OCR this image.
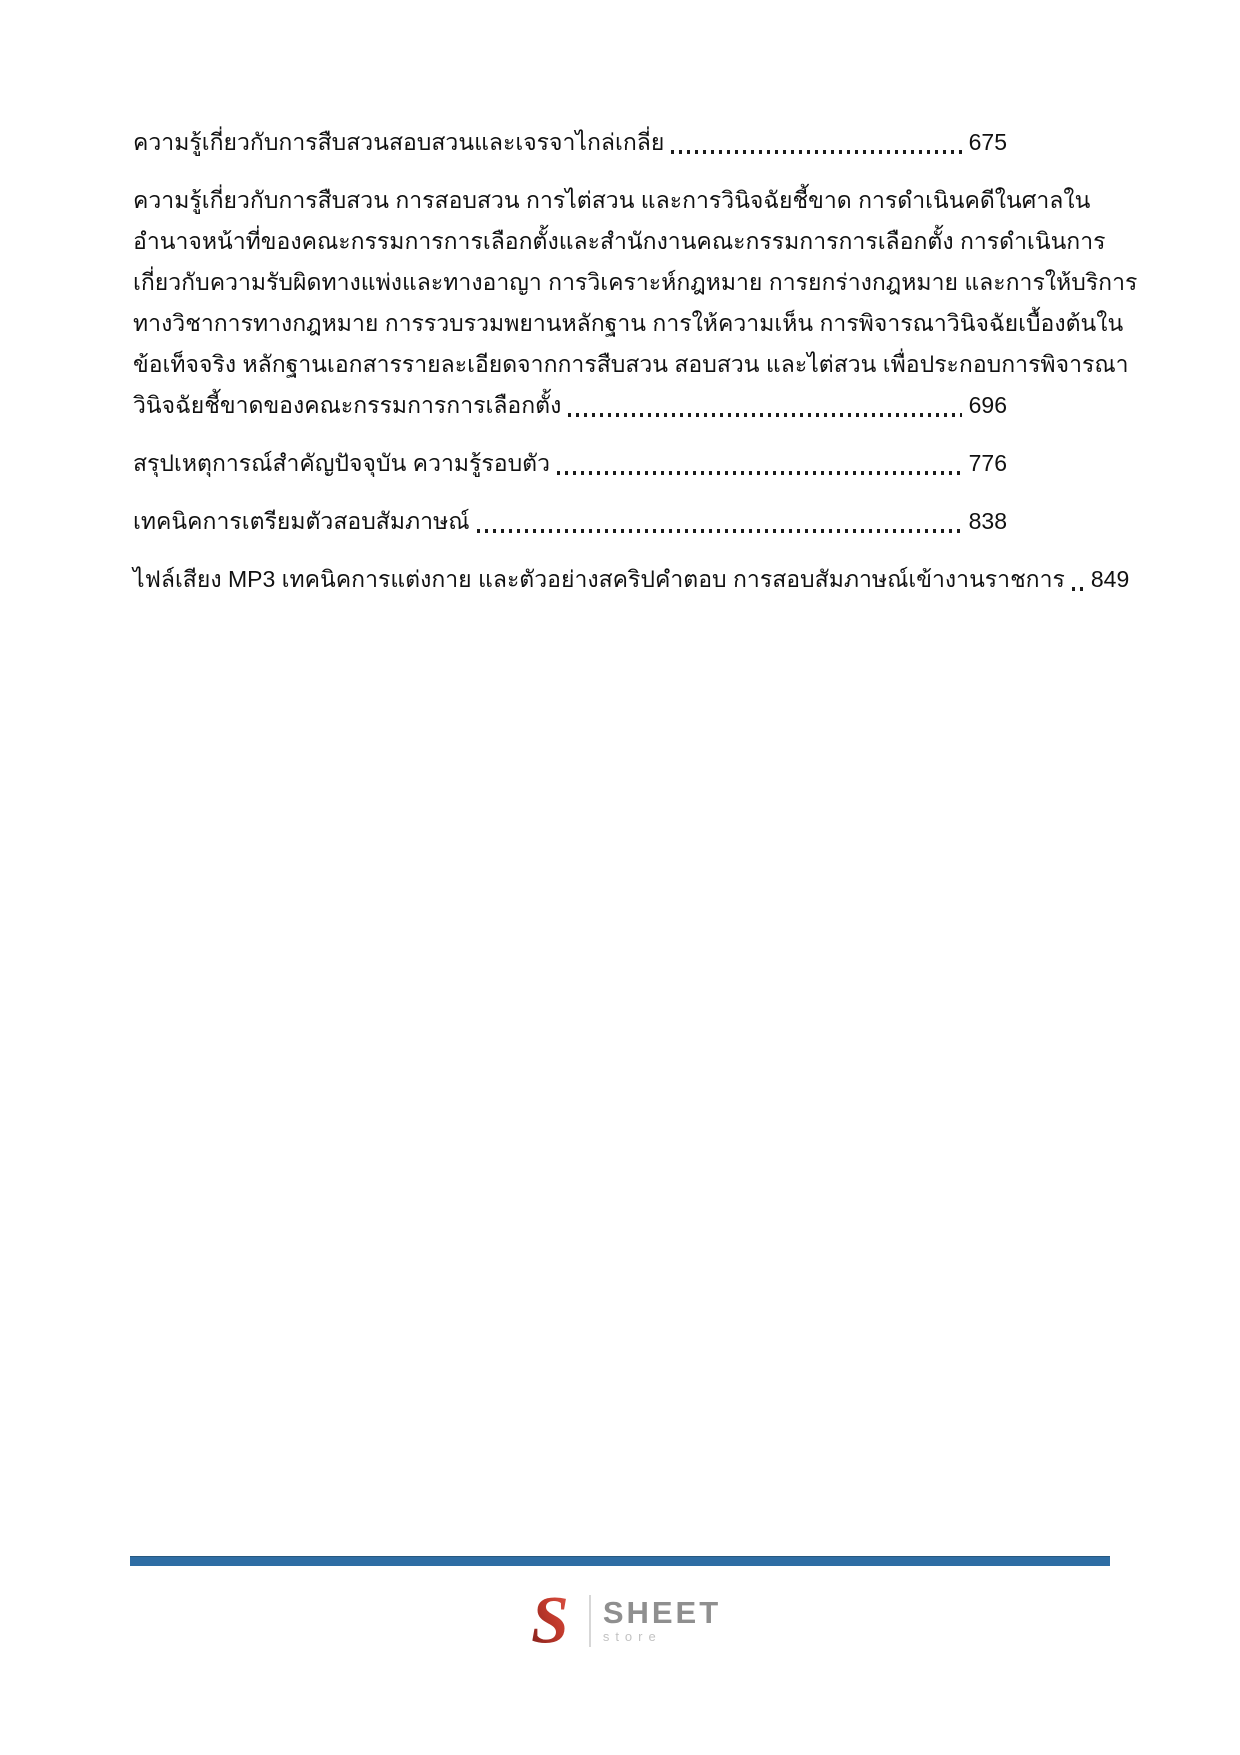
ความรู้เกี่ยวกับการสืบสวนสอบสวนและเจรจาไกล่เกลี่ย	675

ความรู้เกี่ยวกับการสืบสวน การสอบสวน การไต่สวน และการวินิจฉัยชี้ขาด การดำเนินคดีในศาลใน

อำนาจหน้าที่ของคณะกรรมการการเลือกตั้งและสำนักงานคณะกรรมการการเลือกตั้ง การดำเนินการ

เกี่ยวกับความรับผิดทางแพ่งและทางอาญา การวิเคราะห์กฎหมาย การยกร่างกฎหมาย และการให้บริการ

ทางวิชาการทางกฎหมาย การรวบรวมพยานหลักฐาน การให้ความเห็น การพิจารณาวินิจฉัยเบื้องต้นใน

ข้อเท็จจริง หลักฐานเอกสารรายละเอียดจากการสืบสวน สอบสวน และไต่สวน เพื่อประกอบการพิจารณา

วินิจฉัยชี้ขาดของคณะกรรมการการเลือกตั้ง	696
สรุปเหตุการณ์สำคัญปัจจุบัน ความรู้รอบตัว	776
เทคนิคการเตรียมตัวสอบสัมภาษณ์	838
ไฟล์เสียง MP3 เทคนิคการแต่งกาย และตัวอย่างสคริปคำตอบ การสอบสัมภาษณ์เข้างานราชการ 849
S SHEET
store
